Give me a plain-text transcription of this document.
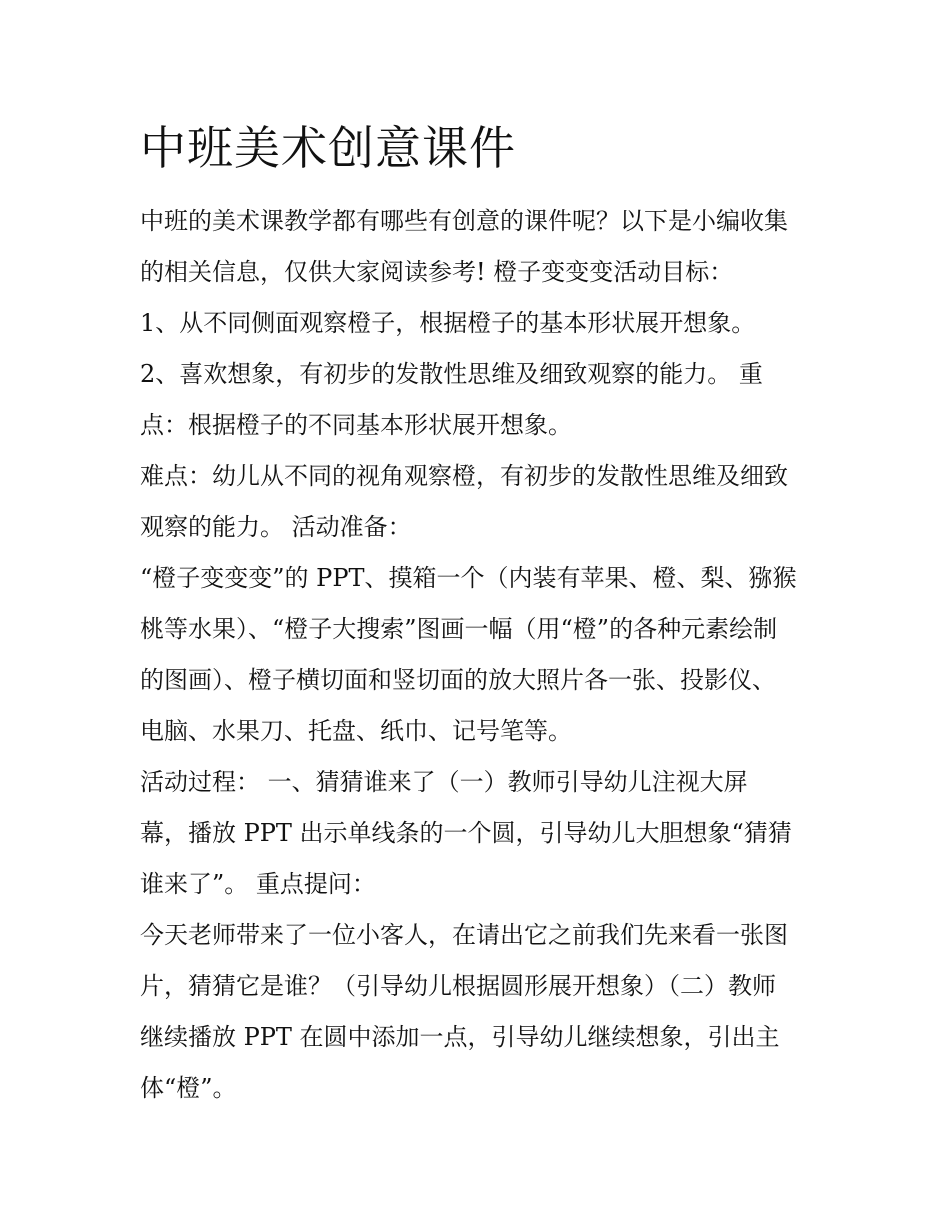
中班美术创意课件

中班的美术课教学都有哪些有创意的课件呢？以下是小编收集

的相关信息，仅供大家阅读参考! 橙子变变变活动目标：

1、从不同侧面观察橙子，根据橙子的基本形状展开想象。

2、喜欢想象，有初步的发散性思维及细致观察的能力。 重

点：根据橙子的不同基本形状展开想象。

难点：幼儿从不同的视角观察橙，有初步的发散性思维及细致

观察的能力。 活动准备：

“橙子变变变”的 PPT、摸箱一个（内装有苹果、橙、梨、猕猴

桃等水果）、“橙子大搜索”图画一幅（用“橙”的各种元素绘制

的图画）、橙子横切面和竖切面的放大照片各一张、投影仪、

电脑、水果刀、托盘、纸巾、记号笔等。

活动过程： 一、猜猜谁来了（一）教师引导幼儿注视大屏

幕，播放 PPT 出示单线条的一个圆，引导幼儿大胆想象“猜猜

谁来了”。 重点提问：

今天老师带来了一位小客人，在请出它之前我们先来看一张图

片，猜猜它是谁？（引导幼儿根据圆形展开想象）（二）教师

继续播放 PPT 在圆中添加一点，引导幼儿继续想象，引出主

体“橙”。
